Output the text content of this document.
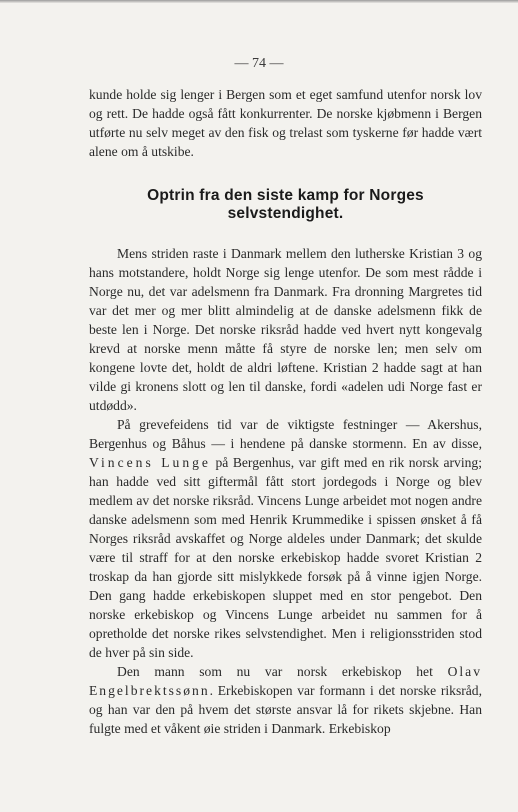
— 74 —

kunde holde sig lenger i Bergen som et eget samfund utenfor norsk lov og rett. De hadde også fått konkurrenter. De norske kjøbmenn i Bergen utførte nu selv meget av den fisk og trelast som tyskerne før hadde vært alene om å utskibe.

Optrin fra den siste kamp for Norges selvstendighet.

Mens striden raste i Danmark mellem den lutherske Kristian 3 og hans motstandere, holdt Norge sig lenge utenfor. De som mest rådde i Norge nu, det var adelsmenn fra Danmark. Fra dronning Margretes tid var det mer og mer blitt almindelig at de danske adelsmenn fikk de beste len i Norge. Det norske riksråd hadde ved hvert nytt kongevalg krevd at norske menn måtte få styre de norske len; men selv om kongene lovte det, holdt de aldri løftene. Kristian 2 hadde sagt at han vilde gi kronens slott og len til danske, fordi «adelen udi Norge fast er utdødd».

På grevefeidens tid var de viktigste festninger — Akershus, Bergenhus og Båhus — i hendene på danske stormenn. En av disse, Vincens Lunge på Bergenhus, var gift med en rik norsk arving; han hadde ved sitt giftermål fått stort jordegods i Norge og blev medlem av det norske riksråd. Vincens Lunge arbeidet mot nogen andre danske adelsmenn som med Henrik Krummedike i spissen ønsket å få Norges riksråd avskaffet og Norge aldeles under Danmark; det skulde være til straff for at den norske erkebiskop hadde svoret Kristian 2 troskap da han gjorde sitt mislykkede forsøk på å vinne igjen Norge. Den gang hadde erkebiskopen sluppet med en stor pengebot. Den norske erkebiskop og Vincens Lunge arbeidet nu sammen for å opretholde det norske rikes selvstendighet. Men i religionsstriden stod de hver på sin side.

Den mann som nu var norsk erkebiskop het Olav Engelbrektssønn. Erkebiskopen var formann i det norske riksråd, og han var den på hvem det største ansvar lå for rikets skjebne. Han fulgte med et våkent øie striden i Danmark. Erkebiskop
